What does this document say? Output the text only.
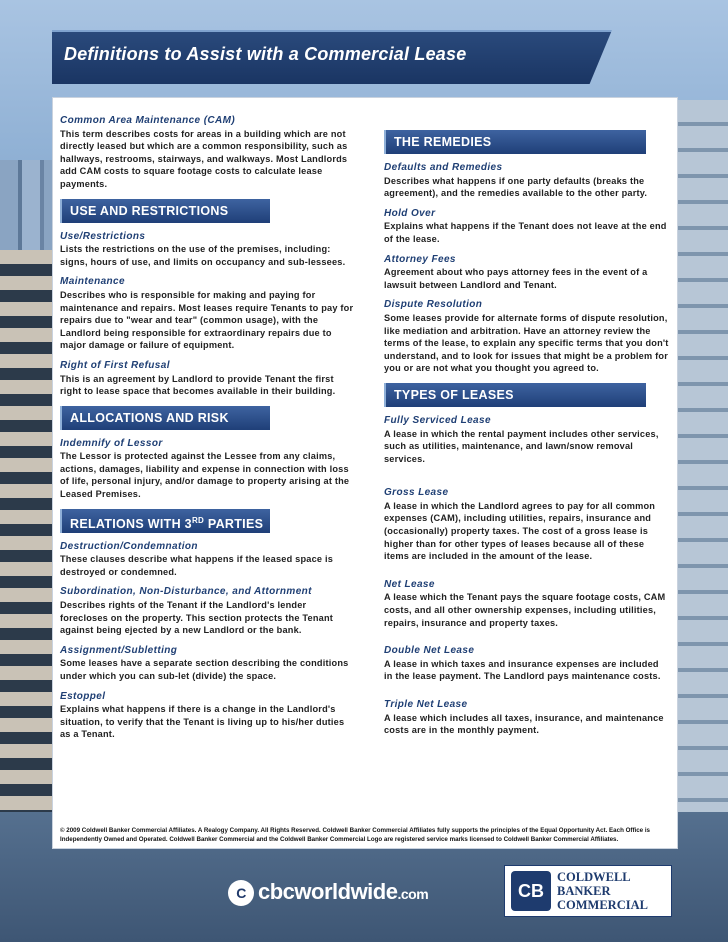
Definitions to Assist with a Commercial Lease
Common Area Maintenance (CAM)

This term describes costs for areas in a building which are not directly leased but which are a common responsibility, such as hallways, restrooms, stairways, and walkways. Most Landlords add CAM costs to square footage costs to calculate lease payments.

USE AND RESTRICTIONS
Use/Restrictions

Lists the restrictions on the use of the premises, including: signs, hours of use, and limits on occupancy and sub-lessees.

Maintenance

Describes who is responsible for making and paying for maintenance and repairs. Most leases require Tenants to pay for repairs due to "wear and tear" (common usage), with the Landlord being responsible for extraordinary repairs due to major damage or failure of equipment.

Right of First Refusal

This is an agreement by Landlord to provide Tenant the first right to lease space that becomes available in their building.

ALLOCATIONS AND RISK
Indemnify of Lessor

The Lessor is protected against the Lessee from any claims, actions, damages, liability and expense in connection with loss of life, personal injury, and/or damage to property arising at the Leased Premises.

RELATIONS WITH 3RD PARTIES
Destruction/Condemnation

These clauses describe what happens if the leased space is destroyed or condemned.

Subordination, Non-Disturbance, and Attornment

Describes rights of the Tenant if the Landlord's lender forecloses on the property. This section protects the Tenant against being ejected by a new Landlord or the bank.

Assignment/Subletting

Some leases have a separate section describing the conditions under which you can sub-let (divide) the space.

Estoppel

Explains what happens if there is a change in the Landlord's situation, to verify that the Tenant is living up to his/her duties as a Tenant.

THE REMEDIES
Defaults and Remedies

Describes what happens if one party defaults (breaks the agreement), and the remedies available to the other party.

Hold Over

Explains what happens if the Tenant does not leave at the end of the lease.

Attorney Fees

Agreement about who pays attorney fees in the event of a lawsuit between Landlord and Tenant.

Dispute Resolution

Some leases provide for alternate forms of dispute resolution, like mediation and arbitration. Have an attorney review the terms of the lease, to explain any specific terms that you don't understand, and to look for issues that might be a problem for you or are not what you thought you agreed to.

TYPES OF LEASES
Fully Serviced Lease

A lease in which the rental payment includes other services, such as utilities, maintenance, and lawn/snow removal services.

Gross Lease

A lease in which the Landlord agrees to pay for all common expenses (CAM), including utilities, repairs, insurance and (occasionally) property taxes. The cost of a gross lease is higher than for other types of leases because all of these items are included in the amount of the lease.

Net Lease

A lease which the Tenant pays the square footage costs, CAM costs, and all other ownership expenses, including utilities, repairs, insurance and property taxes.

Double Net Lease

A lease in which taxes and insurance expenses are included in the lease payment. The Landlord pays maintenance costs.

Triple Net Lease

A lease which includes all taxes, insurance, and maintenance costs are in the monthly payment.

© 2009 Coldwell Banker Commercial Affiliates. A Realogy Company. All Rights Reserved. Coldwell Banker Commercial Affiliates fully supports the principles of the Equal Opportunity Act. Each Office is Independently Owned and Operated. Coldwell Banker Commercial and the Coldwell Banker Commercial Logo are registered service marks licensed to Coldwell Banker Commercial Affiliates.
C cbcworldwide.com	CB
COLDWELL
BANKER
COMMERCIAL
